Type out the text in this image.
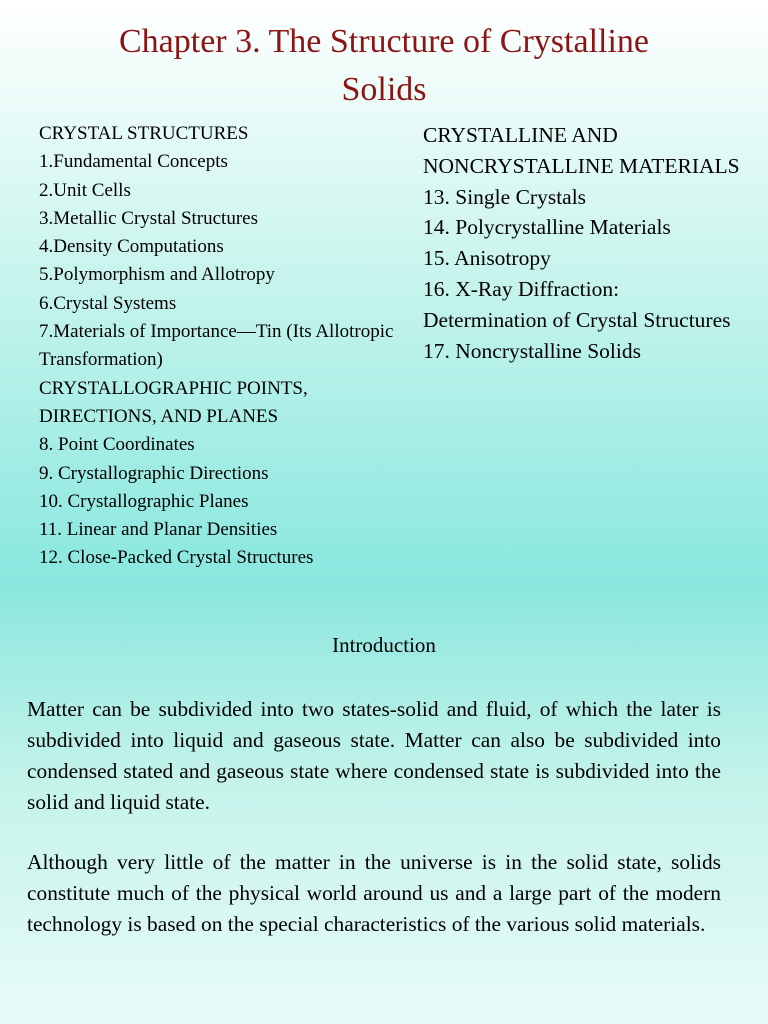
Chapter 3. The Structure of Crystalline
Solids
CRYSTAL STRUCTURES
1.Fundamental Concepts
2.Unit Cells
3.Metallic Crystal Structures
4.Density Computations
5.Polymorphism and Allotropy
6.Crystal Systems
7.Materials of Importance—Tin (Its Allotropic Transformation)
CRYSTALLOGRAPHIC POINTS, DIRECTIONS, AND PLANES
8. Point Coordinates
9. Crystallographic Directions
10. Crystallographic Planes
11. Linear and Planar Densities
12. Close-Packed Crystal Structures
CRYSTALLINE AND NONCRYSTALLINE MATERIALS
13. Single Crystals
14. Polycrystalline Materials
15. Anisotropy
16. X-Ray Diffraction: Determination of Crystal Structures
17. Noncrystalline Solids
Introduction
Matter can be subdivided into two states-solid and fluid, of which the later is subdivided into liquid and gaseous state. Matter can also be subdivided into condensed stated and gaseous state where condensed state is subdivided into the solid and liquid state.
Although very little of the matter in the universe is in the solid state, solids constitute much of the physical world around us and a large part of the modern technology is based on the special characteristics of the various solid materials.
